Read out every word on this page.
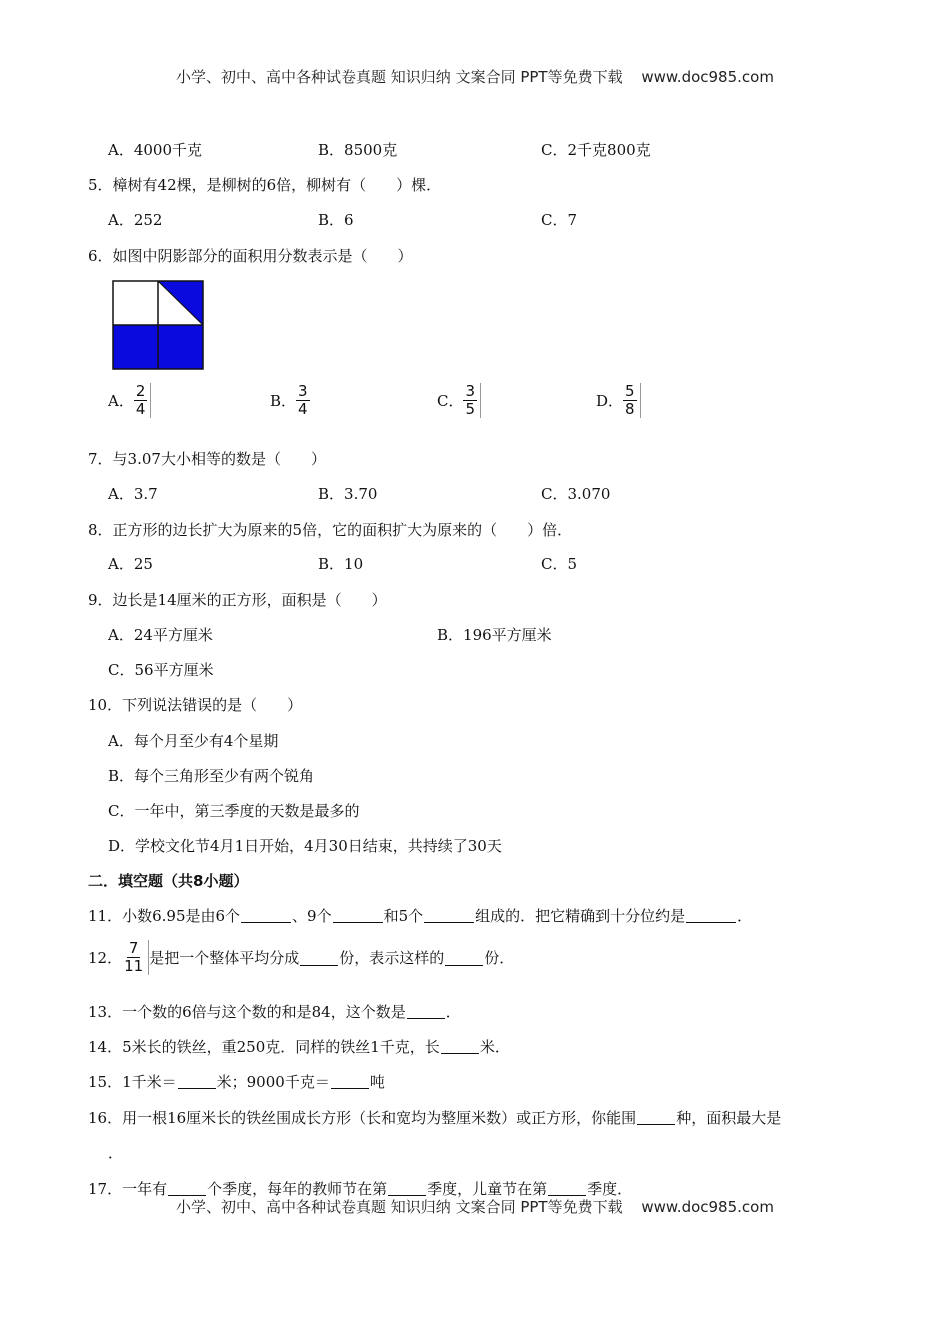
小学、初中、高中各种试卷真题 知识归纳 文案合同 PPT等免费下载 www.doc985.com
A．4000千克	B．8500克	C．2千克800克
5．樟树有42棵，是柳树的6倍，柳树有（　　）棵．
A．252	B．6	C．7
6．如图中阴影部分的面积用分数表示是（　　）
A． $\frac{2}{4}$	B． $\frac{3}{4}$	C． $\frac{3}{5}$	D． $\frac{5}{8}$
7．与3.07大小相等的数是（　　）
A．3.7	B．3.70	C．3.070
8．正方形的边长扩大为原来的5倍，它的面积扩大为原来的（　　）倍．
A．25	B．10	C．5
9．边长是14厘米的正方形，面积是（　　）
A．24平方厘米	B．196平方厘米
C．56平方厘米
10．下列说法错误的是（　　）
A．每个月至少有4个星期
B．每个三角形至少有两个锐角
C．一年中，第三季度的天数是最多的
D．学校文化节4月1日开始，4月30日结束，共持续了30天
二．填空题（共8小题）
11．小数6.95是由6个	、9个	和5个	组成的．把它精确到十分位约是	．
12． $\frac{7}{11}$ 是把一个整体平均分成	份，表示这样的	份．
13．一个数的6倍与这个数的和是84，这个数是	．
14．5米长的铁丝，重250克．同样的铁丝1千克，长	米．
15．1千米＝	米；9000千克＝	吨
16．用一根16厘米长的铁丝围成长方形（长和宽均为整厘米数）或正方形，你能围	种，面积最大是
．
17．一年有	个季度，每年的教师节在第	季度，儿童节在第	季度．
小学、初中、高中各种试卷真题 知识归纳 文案合同 PPT等免费下载 www.doc985.com
